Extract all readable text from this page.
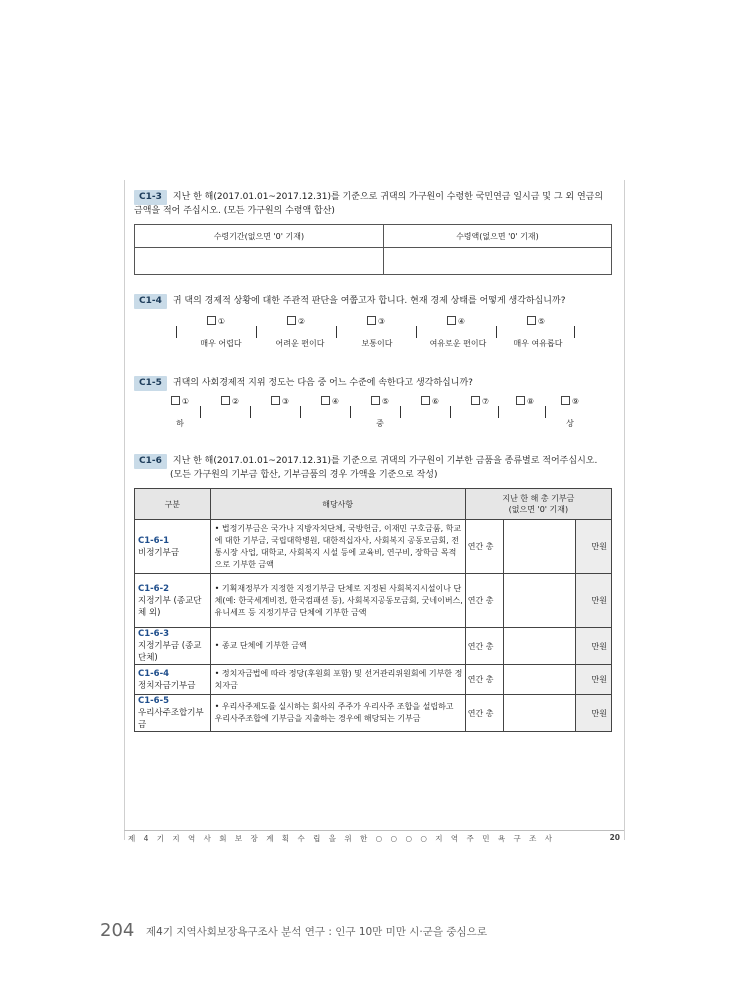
C1-3 지난 한 해(2017.01.01~2017.12.31)를 기준으로 귀댁의 가구원이 수령한 국민연금 일시금 및 그 외 연금의 금액을 적어 주십시오. (모든 가구원의 수령액 합산)
수령기간(없으면 '0' 기재)	수령액(없으면 '0' 기재)

C1-4 귀 댁의 경제적 상황에 대한 주관적 판단을 여쭙고자 합니다. 현재 경제 상태를 어떻게 생각하십니까?
①
매우 어렵다
②
어려운 편이다
③
보통이다
④
여유로운 편이다
⑤
매우 여유롭다
C1-5 귀댁의 사회경제적 지위 정도는 다음 중 어느 수준에 속한다고 생각하십니까?
①	②	③	④	⑤	⑥	⑦	⑧	⑨
하	중	상
C1-6 지난 한 해(2017.01.01~2017.12.31)를 기준으로 귀댁의 가구원이 기부한 금품을 종류별로 적어주십시오.
(모든 가구원의 기부금 합산, 기부금품의 경우 가액을 기준으로 작성)
구분	해당사항	지난 한 해 총 기부금
(없으면 '0' 기재)		

C1-6-1
비정기부금	• 법정기부금은 국가나 지방자치단체, 국방헌금, 이재민 구호금품, 학교에 대한 기부금, 국립대학병원, 대한적십자사, 사회복지 공동모금회, 전통시장 사업, 대학교, 사회복지 시설 등에 교육비, 연구비, 장학금 목적으로 기부한 금액	연간 총		만원

C1-6-2
지정기부 (종교단체 외)	• 기획재정부가 지정한 지정기부금 단체로 지정된 사회복지시설이나 단체(예: 한국세계비전, 한국컴패션 등), 사회복지공동모금회, 굿네이버스, 유니세프 등 지정기부금 단체에 기부한 금액	연간 총		만원

C1-6-3
지정기부금 (종교단체)	• 종교 단체에 기부한 금액	연간 총		만원

C1-6-4
정치자금기부금	• 정치자금법에 따라 정당(후원회 포함) 및 선거관리위원회에 기부한 정치자금	연간 총		만원

C1-6-5
우리사주조합기부금	• 우리사주제도를 실시하는 회사의 주주가 우리사주 조합을 설립하고 우리사주조합에 기부금을 지출하는 경우에 해당되는 기부금	연간 총		만원
제 4 기 지 역 사 회 보 장 계 획 수 립 을 위 한 ○ ○ ○ ○ 지 역 주 민 욕 구 조 사	20
204 제4기 지역사회보장욕구조사 분석 연구 : 인구 10만 미만 시·군을 중심으로
